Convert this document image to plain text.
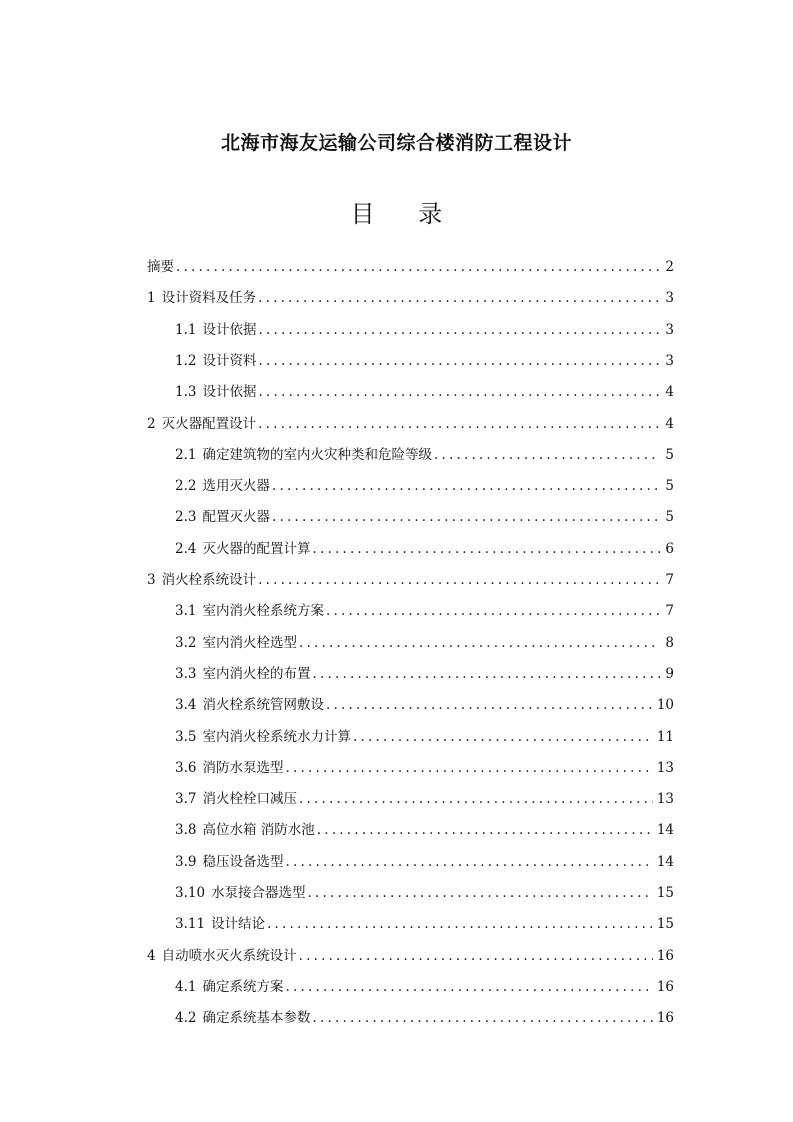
北海市海友运输公司综合楼消防工程设计
目 录
摘要 .....	2
1 设计资料及任务 .....	3
1.1 设计依据 .....	3
1.2 设计资料 .....	3
1.3 设计依据 .....	4
2 灭火器配置设计 .....	4
2.1 确定建筑物的室内火灾种类和危险等级 .....	5
2.2 选用灭火器 .....	5
2.3 配置灭火器 .....	5
2.4 灭火器的配置计算 .....	6
3 消火栓系统设计 .....	7
3.1 室内消火栓系统方案 .....	7
3.2 室内消火栓选型 .....	8
3.3 室内消火栓的布置 .....	9
3.4 消火栓系统管网敷设 .....	10
3.5 室内消火栓系统水力计算 .....	11
3.6 消防水泵选型 .....	13
3.7 消火栓栓口减压 .....	13
3.8 高位水箱 消防水池 .....	14
3.9 稳压设备选型 .....	14
3.10 水泵接合器选型 .....	15
3.11 设计结论 .....	15
4 自动喷水灭火系统设计 .....	16
4.1 确定系统方案 .....	16
4.2 确定系统基本参数 .....	16
